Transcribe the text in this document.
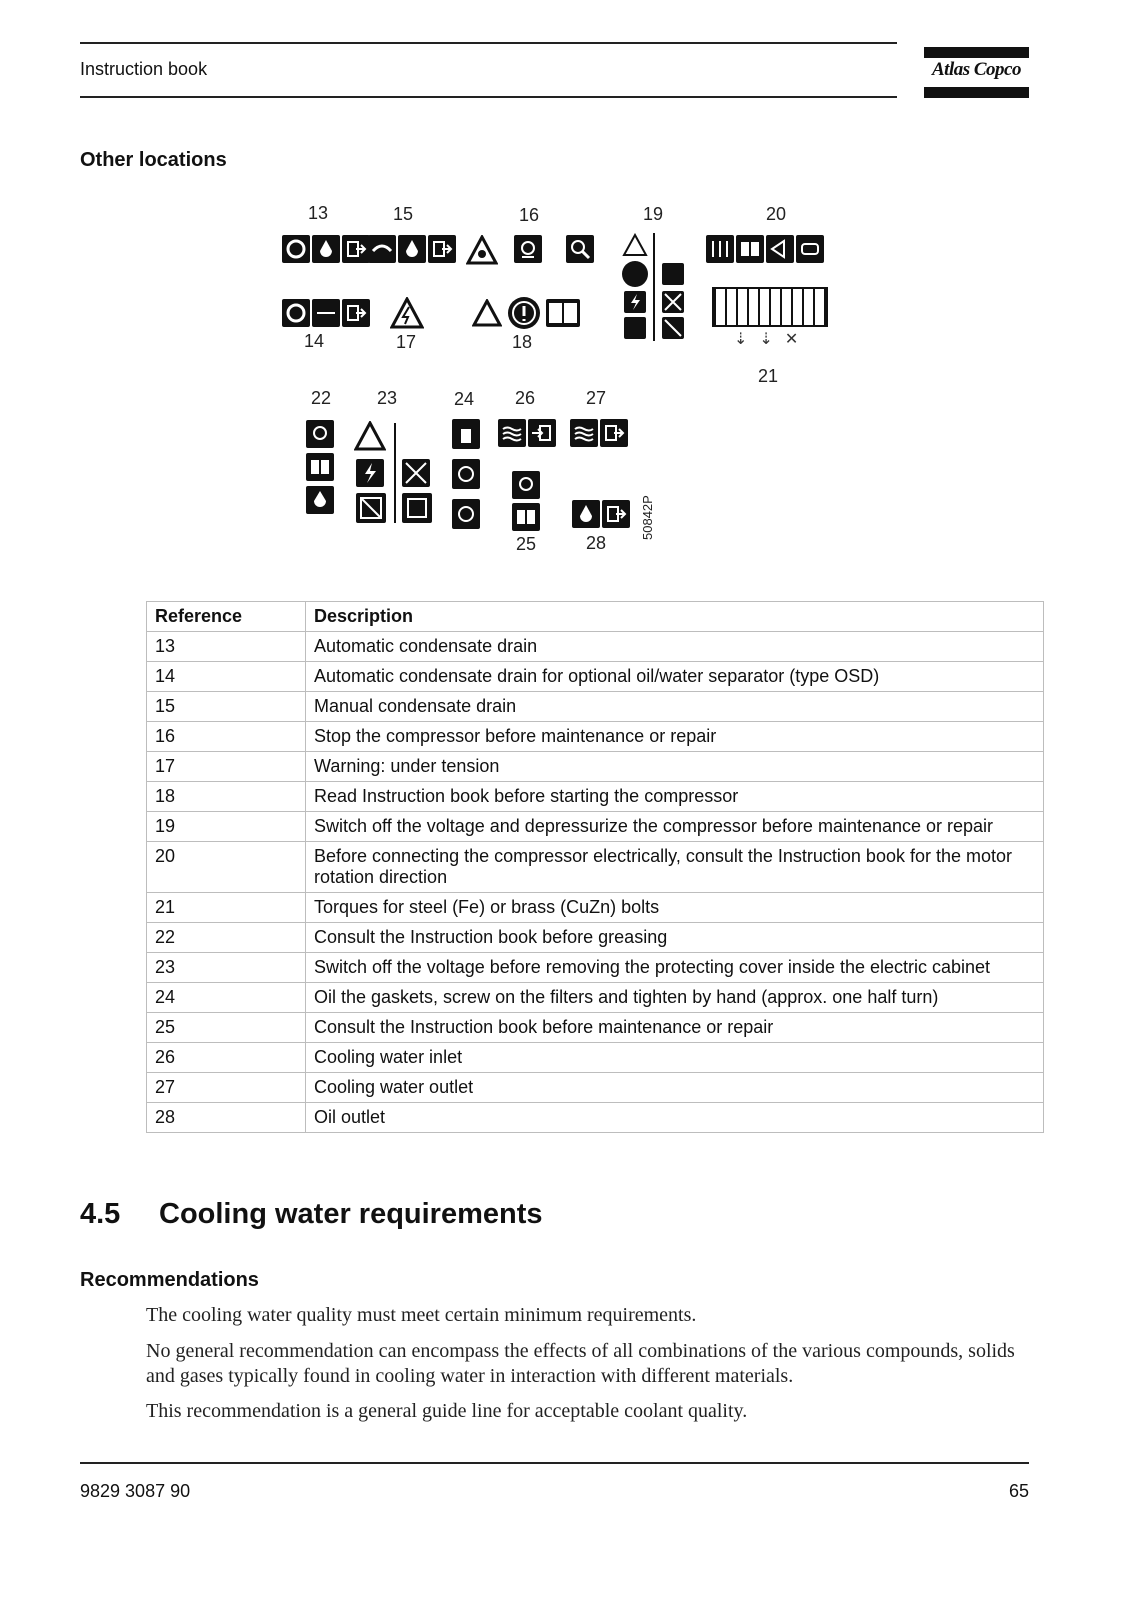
Instruction book	Atlas Copco
Other locations
13	15	16	19	20
14	17	18
21
22	23	24 26	27
25	28
50842P
⇣⇣✕
Reference	Description
13	Automatic condensate drain
14	Automatic condensate drain for optional oil/water separator (type OSD)
15	Manual condensate drain
16	Stop the compressor before maintenance or repair
17	Warning: under tension
18	Read Instruction book before starting the compressor
19	Switch off the voltage and depressurize the compressor before maintenance or repair
20	Before connecting the compressor electrically, consult the Instruction book for the motor rotation direction
21	Torques for steel (Fe) or brass (CuZn) bolts
22	Consult the Instruction book before greasing
23	Switch off the voltage before removing the protecting cover inside the electric cabinet
24	Oil the gaskets, screw on the filters and tighten by hand (approx. one half turn)
25	Consult the Instruction book before maintenance or repair
26	Cooling water inlet
27	Cooling water outlet
28	Oil outlet
4.5 Cooling water requirements
Recommendations

The cooling water quality must meet certain minimum requirements.

No general recommendation can encompass the effects of all combinations of the various compounds, solids and gases typically found in cooling water in interaction with different materials.

This recommendation is a general guide line for acceptable coolant quality.

9829 3087 90	65
